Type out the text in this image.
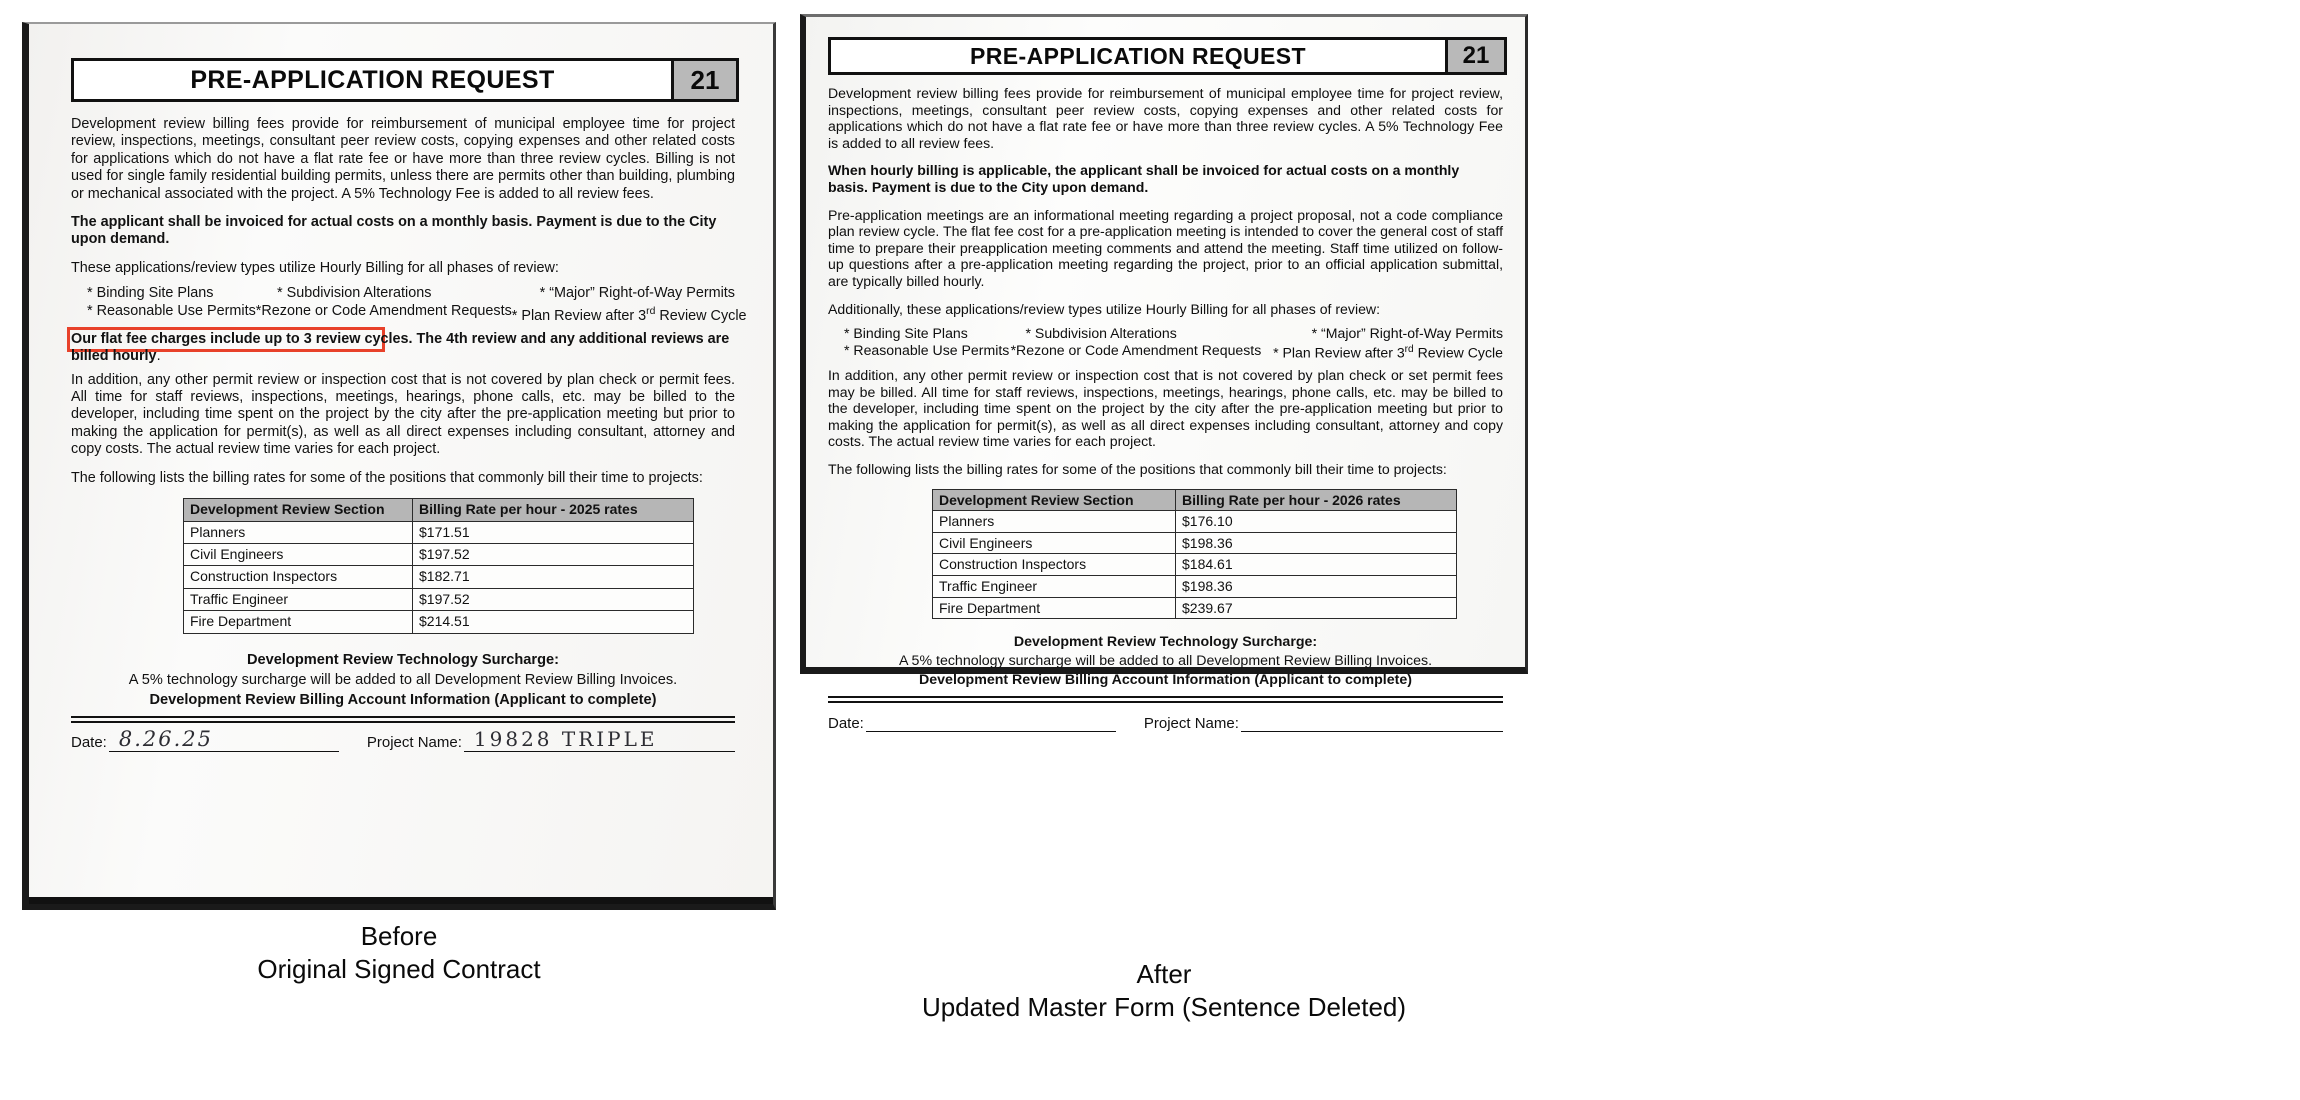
PRE-APPLICATION REQUEST	21

Development review billing fees provide for reimbursement of municipal employee time for project review, inspections, meetings, consultant peer review costs, copying expenses and other related costs for applications which do not have a flat rate fee or have more than three review cycles. Billing is not used for single family residential building permits, unless there are permits other than building, plumbing or mechanical associated with the project. A 5% Technology Fee is added to all review fees.

The applicant shall be invoiced for actual costs on a monthly basis. Payment is due to the City upon demand.

These applications/review types utilize Hourly Billing for all phases of review:

* Binding Site Plans	* Subdivision Alterations	* “Major” Right-of-Way Permits
* Reasonable Use Permits *Rezone or Code Amendment Requests * Plan Review after 3rd Review Cycle
Our flat fee charges include up to 3 review cycles. The 4th review and any additional reviews are billed hourly.

In addition, any other permit review or inspection cost that is not covered by plan check or permit fees. All time for staff reviews, inspections, meetings, hearings, phone calls, etc. may be billed to the developer, including time spent on the project by the city after the pre-application meeting but prior to making the application for permit(s), as well as all direct expenses including consultant, attorney and copy costs. The actual review time varies for each project.

The following lists the billing rates for some of the positions that commonly bill their time to projects:

Development Review Section	Billing Rate per hour - 2025 rates
Planners	$171.51
Civil Engineers	$197.52
Construction Inspectors	$182.71
Traffic Engineer	$197.52
Fire Department	$214.51
Development Review Technology Surcharge:
A 5% technology surcharge will be added to all Development Review Billing Invoices.
Development Review Billing Account Information (Applicant to complete)
Date: 8.26.25	Project Name: 19828 TRIPLE
Before
Original Signed Contract
PRE-APPLICATION REQUEST	21

Development review billing fees provide for reimbursement of municipal employee time for project review, inspections, meetings, consultant peer review costs, copying expenses and other related costs for applications which do not have a flat rate fee or have more than three review cycles. A 5% Technology Fee is added to all review fees.

When hourly billing is applicable, the applicant shall be invoiced for actual costs on a monthly basis. Payment is due to the City upon demand.

Pre-application meetings are an informational meeting regarding a project proposal, not a code compliance plan review cycle. The flat fee cost for a pre-application meeting is intended to cover the general cost of staff time to prepare their preapplication meeting comments and attend the meeting. Staff time utilized on follow-up questions after a pre-application meeting regarding the project, prior to an official application submittal, are typically billed hourly.

Additionally, these applications/review types utilize Hourly Billing for all phases of review:

* Binding Site Plans	* Subdivision Alterations	* “Major” Right-of-Way Permits
* Reasonable Use Permits *Rezone or Code Amendment Requests * Plan Review after 3rd Review Cycle

In addition, any other permit review or inspection cost that is not covered by plan check or set permit fees may be billed. All time for staff reviews, inspections, meetings, hearings, phone calls, etc. may be billed to the developer, including time spent on the project by the city after the pre-application meeting but prior to making the application for permit(s), as well as all direct expenses including consultant, attorney and copy costs. The actual review time varies for each project.

The following lists the billing rates for some of the positions that commonly bill their time to projects:

Development Review Section	Billing Rate per hour - 2026 rates
Planners	$176.10
Civil Engineers	$198.36
Construction Inspectors	$184.61
Traffic Engineer	$198.36
Fire Department	$239.67
Development Review Technology Surcharge:
A 5% technology surcharge will be added to all Development Review Billing Invoices.
Development Review Billing Account Information (Applicant to complete)
Date:	Project Name:
After
Updated Master Form (Sentence Deleted)
